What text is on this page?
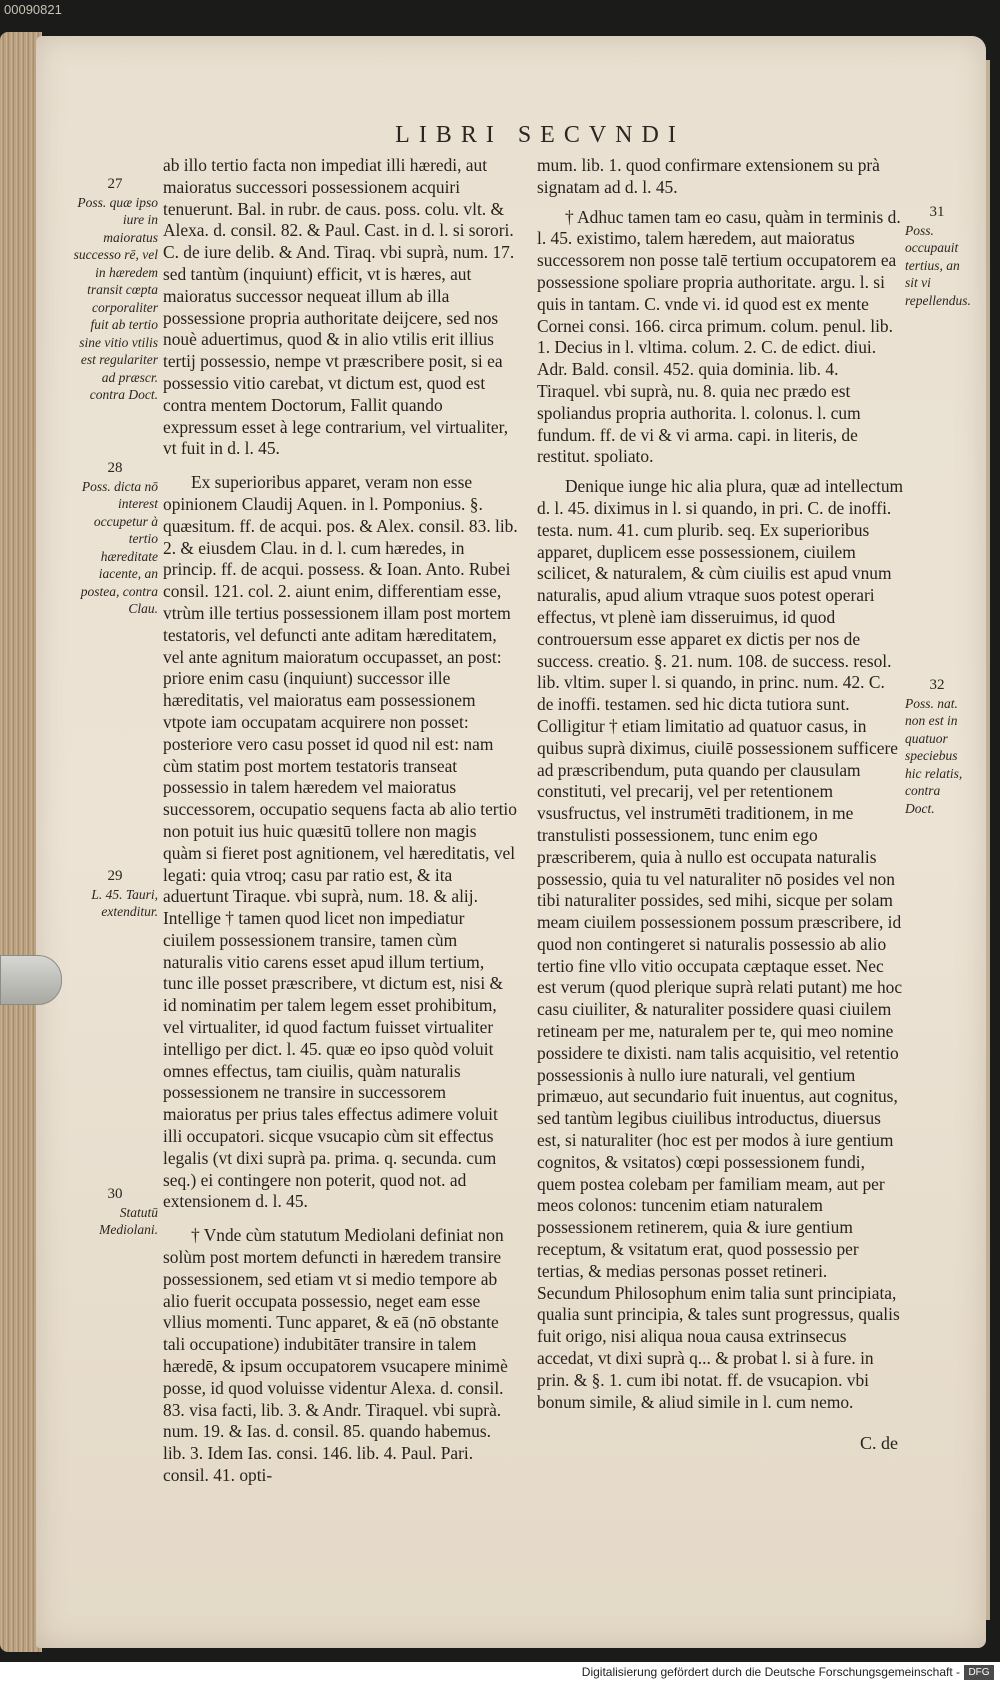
00090821
LIBRI SECVNDI

ab illo tertio facta non impediat illi hæredi, aut maioratus successori possessionem acquiri tenuerunt. Bal. in rubr. de caus. poss. colu. vlt. & Alexa. d. consil. 82. & Paul. Cast. in d. l. si sorori. C. de iure delib. & And. Tiraq. vbi suprà, num. 17. sed tantùm (inquiunt) efficit, vt is hæres, aut maioratus successor nequeat illum ab illa possessione propria authoritate deijcere, sed nos nouè aduertimus, quod & in alio vtilis erit illius tertij possessio, nempe vt præscribere posit, si ea possessio vitio carebat, vt dictum est, quod est contra mentem Doctorum, Fallit quando expressum esset à lege contrarium, vel virtualiter, vt fuit in d. l. 45.

Ex superioribus apparet, veram non esse opinionem Claudij Aquen. in l. Pomponius. §. quæsitum. ff. de acqui. pos. & Alex. consil. 83. lib. 2. & eiusdem Clau. in d. l. cum hæredes, in princip. ff. de acqui. possess. & Ioan. Anto. Rubei consil. 121. col. 2. aiunt enim, differentiam esse, vtrùm ille tertius possessionem illam post mortem testatoris, vel defuncti ante aditam hæreditatem, vel ante agnitum maioratum occupasset, an post: priore enim casu (inquiunt) successor ille hæreditatis, vel maioratus eam possessionem vtpote iam occupatam acquirere non posset: posteriore vero casu posset id quod nil est: nam cùm statim post mortem testatoris transeat possessio in talem hæredem vel maioratus successorem, occupatio sequens facta ab alio tertio non potuit ius huic quæsitū tollere non magis quàm si fieret post agnitionem, vel hæreditatis, vel legati: quia vtroq; casu par ratio est, & ita aduertunt Tiraque. vbi suprà, num. 18. & alij. Intellige † tamen quod licet non impediatur ciuilem possessionem transire, tamen cùm naturalis vitio carens esset apud illum tertium, tunc ille posset præscribere, vt dictum est, nisi & id nominatim per talem legem esset prohibitum, vel virtualiter, id quod factum fuisset virtualiter intelligo per dict. l. 45. quæ eo ipso quòd voluit omnes effectus, tam ciuilis, quàm naturalis possessionem ne transire in successorem maioratus per prius tales effectus adimere voluit illi occupatori. sicque vsucapio cùm sit effectus legalis (vt dixi suprà pa. prima. q. secunda. cum seq.) ei contingere non poterit, quod not. ad extensionem d. l. 45.

† Vnde cùm statutum Mediolani definiat non solùm post mortem defuncti in hæredem transire possessionem, sed etiam vt si medio tempore ab alio fuerit occupata possessio, neget eam esse vllius momenti. Tunc apparet, & eā (nō obstante tali occupatione) indubitāter transire in talem hæredē, & ipsum occupatorem vsucapere minimè posse, id quod voluisse videntur Alexa. d. consil. 83. visa facti, lib. 3. & Andr. Tiraquel. vbi suprà. num. 19. & Ias. d. consil. 85. quando habemus. lib. 3. Idem Ias. consi. 146. lib. 4. Paul. Pari. consil. 41. opti-

mum. lib. 1. quod confirmare extensionem su prà signatam ad d. l. 45.

† Adhuc tamen tam eo casu, quàm in terminis d. l. 45. existimo, talem hæredem, aut maioratus successorem non posse talē tertium occupatorem ea possessione spoliare propria authoritate. argu. l. si quis in tantam. C. vnde vi. id quod est ex mente Cornei consi. 166. circa primum. colum. penul. lib. 1. Decius in l. vltima. colum. 2. C. de edict. diui. Adr. Bald. consil. 452. quia dominia. lib. 4. Tiraquel. vbi suprà, nu. 8. quia nec prædo est spoliandus propria authorita. l. colonus. l. cum fundum. ff. de vi & vi arma. capi. in literis, de restitut. spoliato.

Denique iunge hic alia plura, quæ ad intellectum d. l. 45. diximus in l. si quando, in pri. C. de inoffi. testa. num. 41. cum plurib. seq. Ex superioribus apparet, duplicem esse possessionem, ciuilem scilicet, & naturalem, & cùm ciuilis est apud vnum naturalis, apud alium vtraque suos potest operari effectus, vt plenè iam disseruimus, id quod controuersum esse apparet ex dictis per nos de success. creatio. §. 21. num. 108. de success. resol. lib. vltim. super l. si quando, in princ. num. 42. C. de inoffi. testamen. sed hic dicta tutiora sunt. Colligitur † etiam limitatio ad quatuor casus, in quibus suprà diximus, ciuilē possessionem sufficere ad præscribendum, puta quando per clausulam constituti, vel precarij, vel per retentionem vsusfructus, vel instrumēti traditionem, in me transtulisti possessionem, tunc enim ego præscriberem, quia à nullo est occupata naturalis possessio, quia tu vel naturaliter nō posides vel non tibi naturaliter possides, sed mihi, sicque per solam meam ciuilem possessionem possum præscribere, id quod non contingeret si naturalis possessio ab alio tertio fine vllo vitio occupata cæptaque esset. Nec est verum (quod plerique suprà relati putant) me hoc casu ciuiliter, & naturaliter possidere quasi ciuilem retineam per me, naturalem per te, qui meo nomine possidere te dixisti. nam talis acquisitio, vel retentio possessionis à nullo iure naturali, vel gentium primæuo, aut secundario fuit inuentus, aut cognitus, sed tantùm legibus ciuilibus introductus, diuersus est, si naturaliter (hoc est per modos à iure gentium cognitos, & vsitatos) cœpi possessionem fundi, quem postea colebam per familiam meam, aut per meos colonos: tuncenim etiam naturalem possessionem retinerem, quia & iure gentium receptum, & vsitatum erat, quod possessio per tertias, & medias personas posset retineri. Secundum Philosophum enim talia sunt principiata, qualia sunt principia, & tales sunt progressus, qualis fuit origo, nisi aliqua noua causa extrinsecus accedat, vt dixi suprà q... & probat l. si à fure. in prin. & §. 1. cum ibi notat. ff. de vsucapion. vbi bonum simile, & aliud simile in l. cum nemo.

27
Poss. quæ ipso iure in maioratus successo rē, vel in hæredem transit cœpta corporaliter fuit ab tertio sine vitio vtilis est regulariter ad præscr. contra Doct.
28
Poss. dicta nō interest occupetur à tertio hæreditate iacente, an postea, contra Clau.
29
L. 45. Tauri, extenditur.
30
Statutū Mediolani.
31
Poss. occupauit tertius, an sit vi repellendus.
32
Poss. nat. non est in quatuor speciebus hic relatis, contra Doct.
C. de
Digitalisierung gefördert durch die Deutsche Forschungsgemeinschaft - DFG
